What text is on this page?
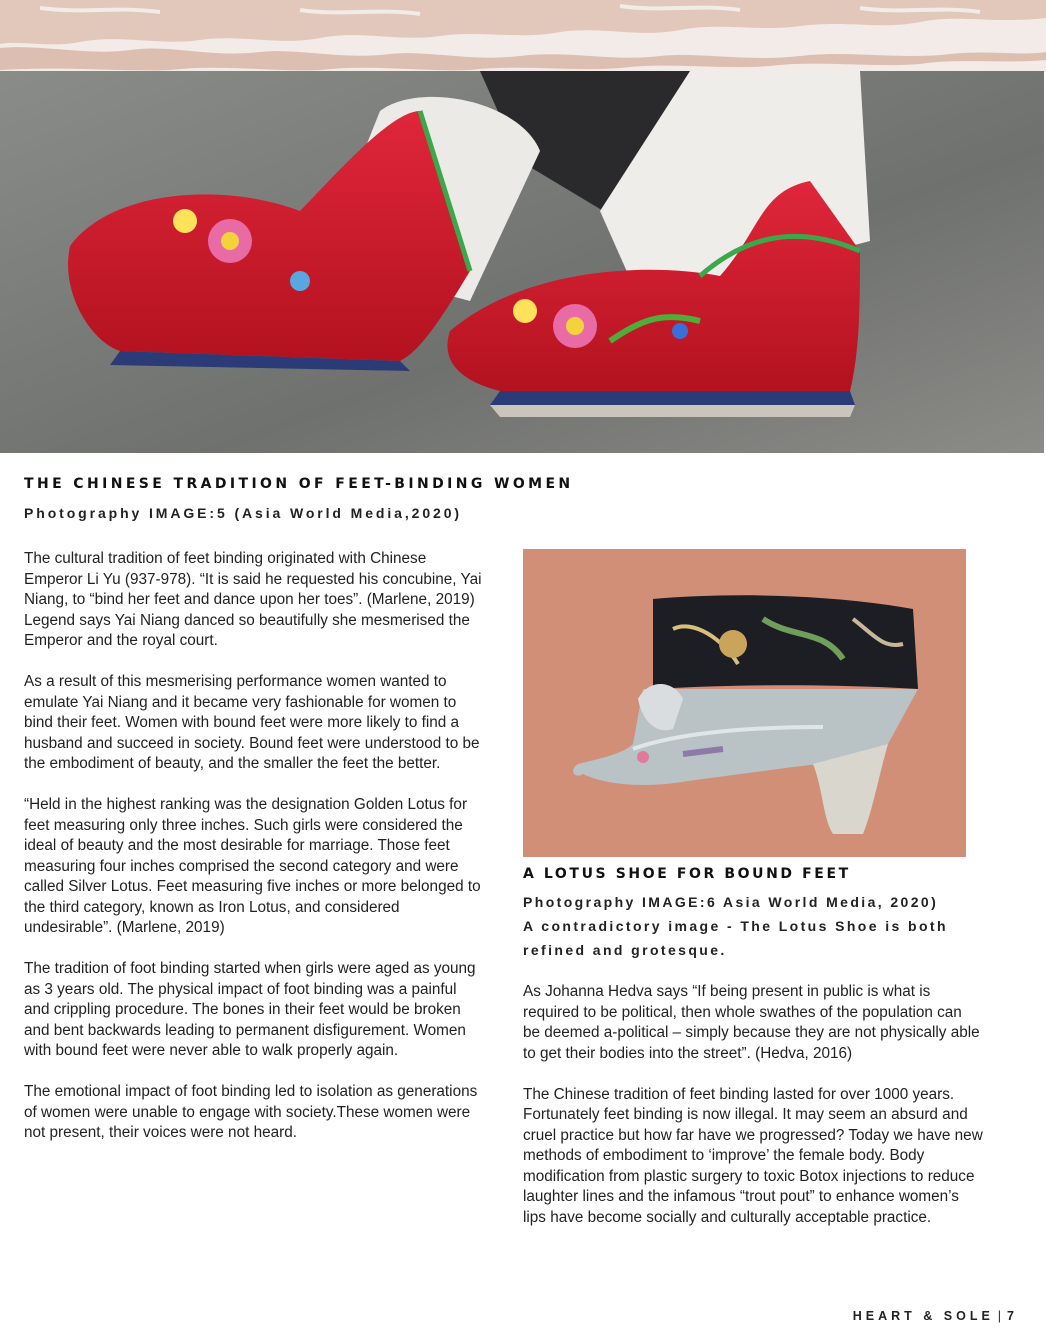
THE CHINESE TRADITION OF FEET-BINDING WOMEN

Photography IMAGE:5 (Asia World Media,2020)

The cultural tradition of feet binding originated with Chinese Emperor Li Yu (937-978). “It is said he requested his concubine, Yai Niang, to “bind her feet and dance upon her toes”. (Marlene, 2019) Legend says Yai Niang danced so beautifully she mesmerised the Emperor and the royal court.

As a result of this mesmerising performance women wanted to emulate Yai Niang and it became very fashionable for women to bind their feet. Women with bound feet were more likely to find a husband and succeed in society. Bound feet were understood to be the embodiment of beauty, and the smaller the feet the better.

“Held in the highest ranking was the designation Golden Lotus for feet measuring only three inches. Such girls were considered the ideal of beauty and the most desirable for marriage. Those feet measuring four inches comprised the second category and were called Silver Lotus. Feet measuring five inches or more belonged to the third category, known as Iron Lotus, and considered undesirable”. (Marlene, 2019)

The tradition of foot binding started when girls were aged as young as 3 years old. The physical impact of foot binding was a painful and crippling procedure. The bones in their feet would be broken and bent backwards leading to permanent disfigurement. Women with bound feet were never able to walk properly again.

The emotional impact of foot binding led to isolation as generations of women were unable to engage with society.These women were not present, their voices were not heard.

A LOTUS SHOE FOR BOUND FEET

Photography IMAGE:6 Asia World Media, 2020)
A contradictory image - The Lotus Shoe is both
refined and grotesque.

As Johanna Hedva says “If being present in public is what is required to be political, then whole swathes of the population can be deemed a-political – simply because they are not physically able to get their bodies into the street”. (Hedva, 2016)

The Chinese tradition of feet binding lasted for over 1000 years. Fortunately feet binding is now illegal. It may seem an absurd and cruel practice but how far have we progressed? Today we have new methods of embodiment to ‘improve’ the female body. Body modification from plastic surgery to toxic Botox injections to reduce laughter lines and the infamous “trout pout” to enhance women’s lips have become socially and culturally acceptable practice.

HEART & SOLE | 7
